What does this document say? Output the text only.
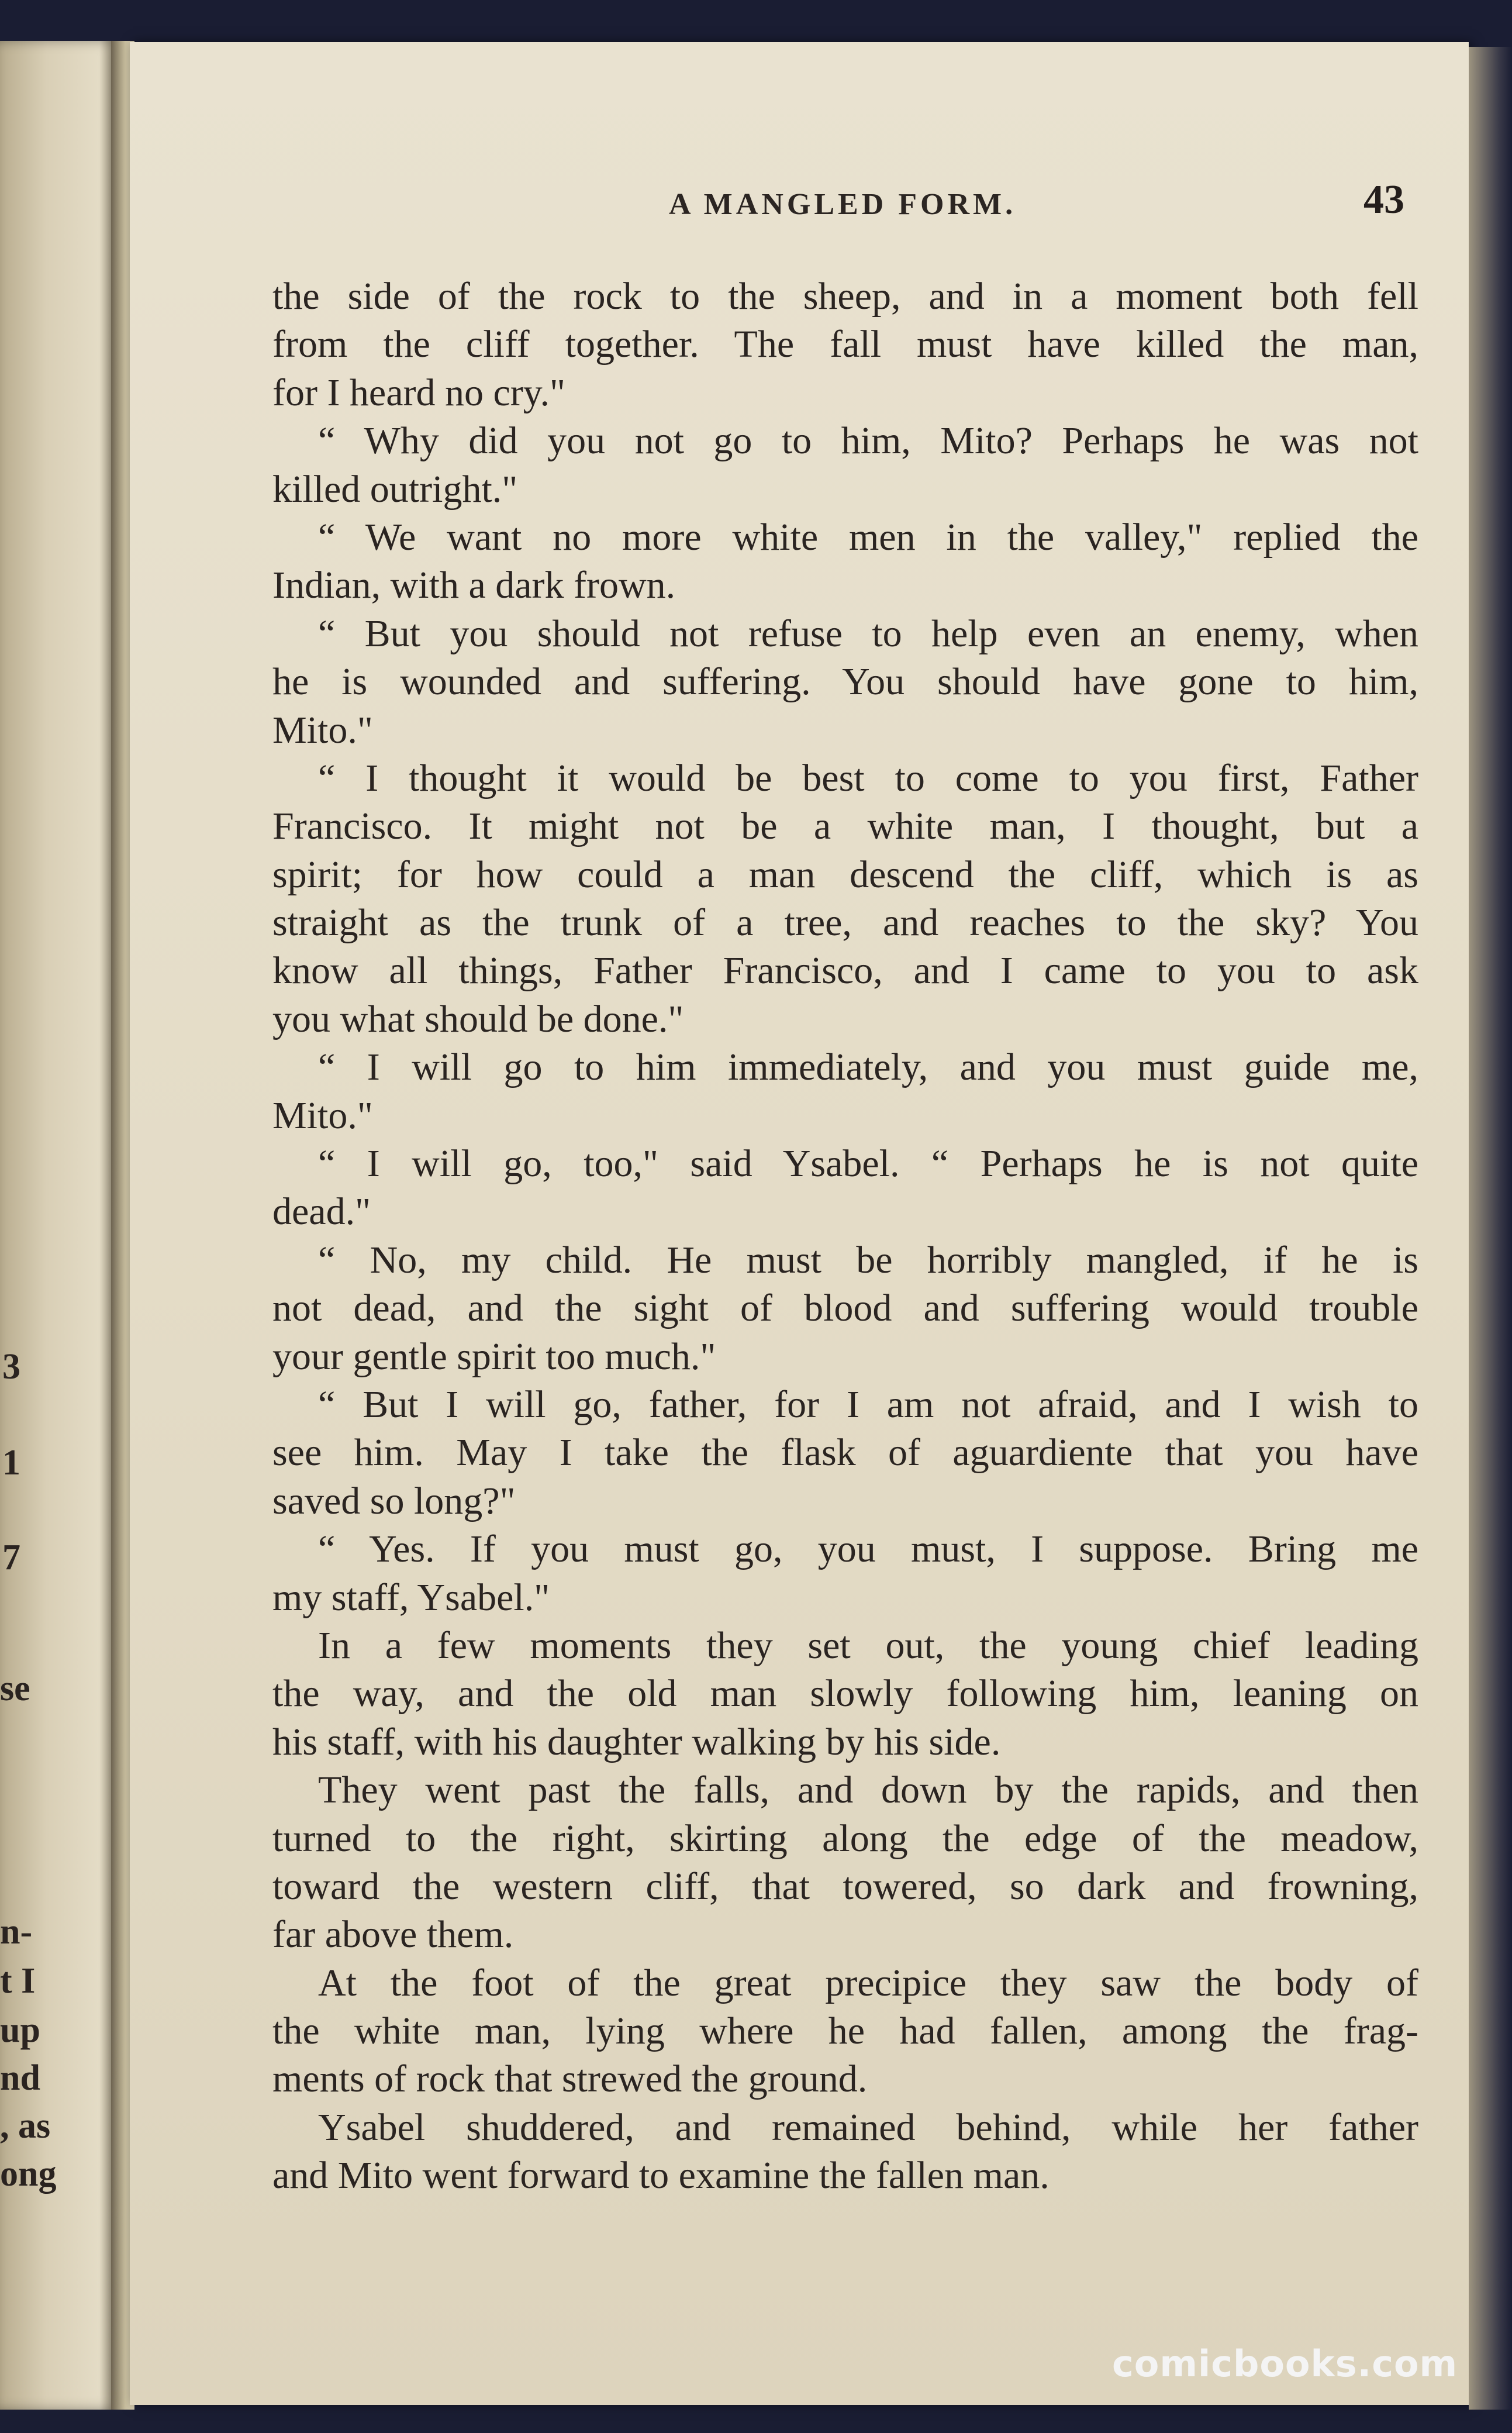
3
1
7
se
n-
t I
up
nd
, as
ong
A MANGLED FORM.	43
the side of the rock to the sheep, and in a moment both fell
from the cliff together. The fall must have killed the man,
for I heard no cry."
“ Why did you not go to him, Mito? Perhaps he was not
killed outright."
“ We want no more white men in the valley," replied the
Indian, with a dark frown.
“ But you should not refuse to help even an enemy, when
he is wounded and suffering. You should have gone to him,
Mito."
“ I thought it would be best to come to you first, Father
Francisco. It might not be a white man, I thought, but a
spirit; for how could a man descend the cliff, which is as
straight as the trunk of a tree, and reaches to the sky? You
know all things, Father Francisco, and I came to you to ask
you what should be done."
“ I will go to him immediately, and you must guide me,
Mito."
“ I will go, too," said Ysabel. “ Perhaps he is not quite
dead."
“ No, my child. He must be horribly mangled, if he is
not dead, and the sight of blood and suffering would trouble
your gentle spirit too much."
“ But I will go, father, for I am not afraid, and I wish to
see him. May I take the flask of aguardiente that you have
saved so long?"
“ Yes. If you must go, you must, I suppose. Bring me
my staff, Ysabel."
In a few moments they set out, the young chief leading
the way, and the old man slowly following him, leaning on
his staff, with his daughter walking by his side.
They went past the falls, and down by the rapids, and then
turned to the right, skirting along the edge of the meadow,
toward the western cliff, that towered, so dark and frowning,
far above them.
At the foot of the great precipice they saw the body of
the white man, lying where he had fallen, among the frag-
ments of rock that strewed the ground.
Ysabel shuddered, and remained behind, while her father
and Mito went forward to examine the fallen man.
comicbooks.com
